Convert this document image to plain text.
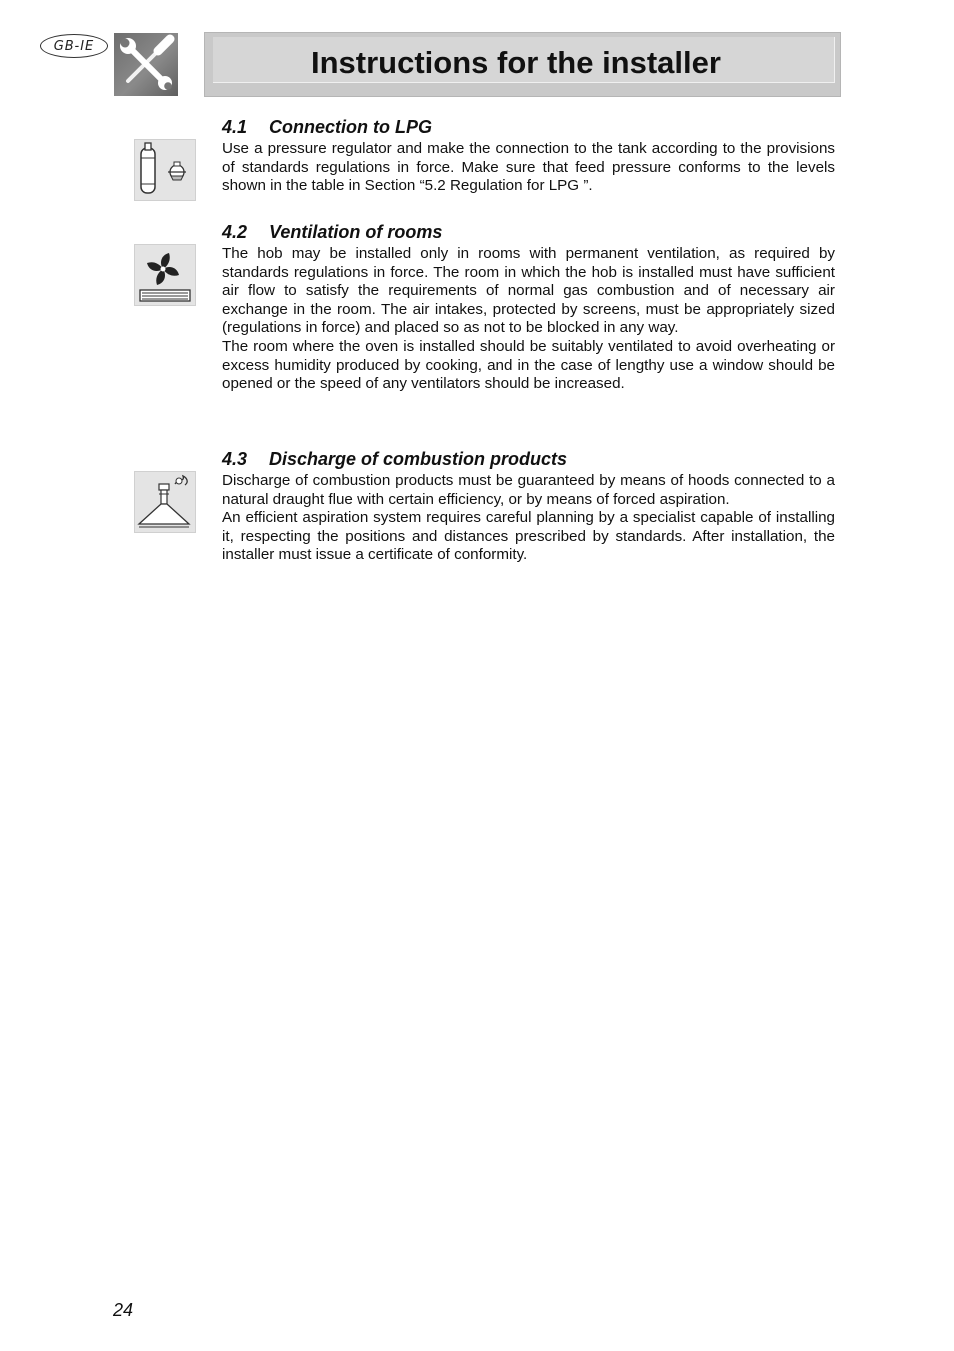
GB-IE	Instructions for the installer
4.1 Connection to LPG

Use a pressure regulator and make the connection to the tank according to the provisions of standards regulations in force. Make sure that feed pressure conforms to the levels shown in the table in Section “5.2 Regulation for LPG ”.

4.2 Ventilation of rooms

The hob may be installed only in rooms with permanent ventilation, as required by standards regulations in force. The room in which the hob is installed must have sufficient air flow to satisfy the requirements of normal gas combustion and of necessary air exchange in the room. The air intakes, protected by screens, must be appropriately sized (regulations in force) and placed so as not to be blocked in any way.

The room where the oven is installed should be suitably ventilated to avoid overheating or excess humidity produced by cooking, and in the case of lengthy use a window should be opened or the speed of any ventilators should be increased.

4.3 Discharge of combustion products

Discharge of combustion products must be guaranteed by means of hoods connected to a natural draught flue with certain efficiency, or by means of forced aspiration.

An efficient aspiration system requires careful planning by a specialist capable of installing it, respecting the positions and distances prescribed by standards. After installation, the installer must issue a certificate of conformity.

24
